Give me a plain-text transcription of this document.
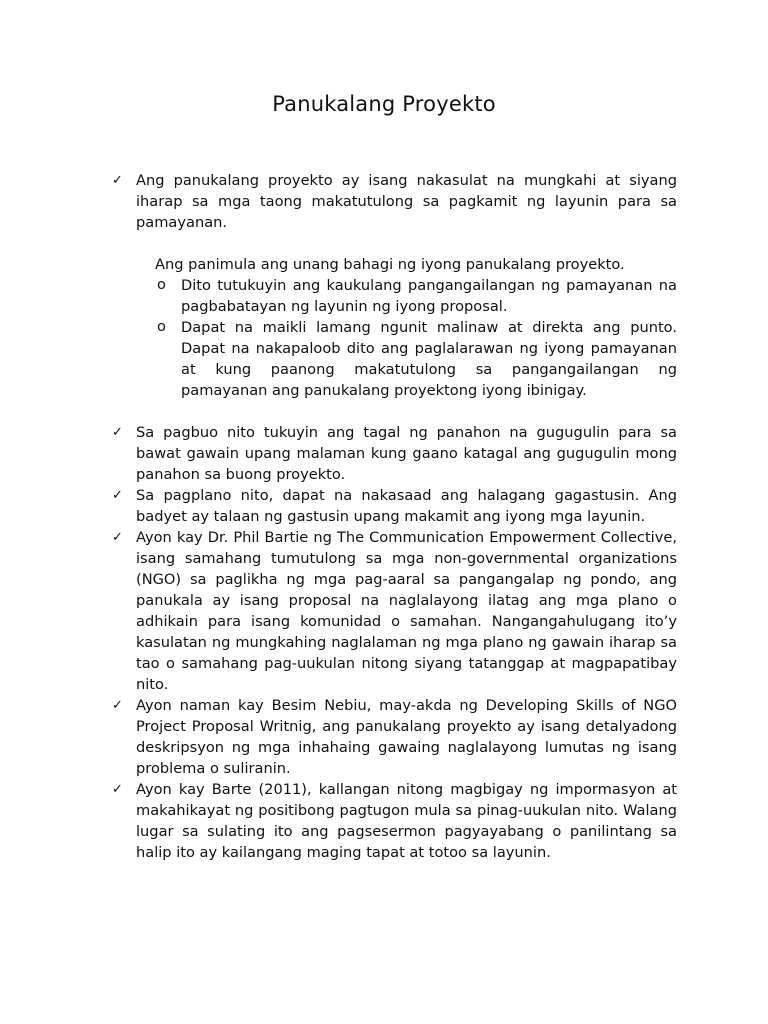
Panukalang Proyekto
✓ Ang panukalang proyekto ay isang nakasulat na mungkahi at siyang iharap sa mga taong makatutulong sa pagkamit ng layunin para sa pamayanan.

Ang panimula ang unang bahagi ng iyong panukalang proyekto.

o Dito tutukuyin ang kaukulang pangangailangan ng pamayanan na pagbabatayan ng layunin ng iyong proposal.
o Dapat na maikli lamang ngunit malinaw at direkta ang punto. Dapat na nakapaloob dito ang paglalarawan ng iyong pamayanan at kung paanong makatutulong sa pangangailangan ng pamayanan ang panukalang proyektong iyong ibinigay.
✓ Sa pagbuo nito tukuyin ang tagal ng panahon na gugugulin para sa bawat gawain upang malaman kung gaano katagal ang gugugulin mong panahon sa buong proyekto.
✓ Sa pagplano nito, dapat na nakasaad ang halagang gagastusin. Ang badyet ay talaan ng gastusin upang makamit ang iyong mga layunin.
✓ Ayon kay Dr. Phil Bartie ng The Communication Empowerment Collective, isang samahang tumutulong sa mga non-governmental organizations (NGO) sa paglikha ng mga pag-aaral sa pangangalap ng pondo, ang panukala ay isang proposal na naglalayong ilatag ang mga plano o adhikain para isang komunidad o samahan. Nangangahulugang ito’y kasulatan ng mungkahing naglalaman ng mga plano ng gawain iharap sa tao o samahang pag-uukulan nitong siyang tatanggap at magpapatibay nito.
✓ Ayon naman kay Besim Nebiu, may-akda ng Developing Skills of NGO Project Proposal Writnig, ang panukalang proyekto ay isang detalyadong deskripsyon ng mga inhahaing gawaing naglalayong lumutas ng isang problema o suliranin.
✓ Ayon kay Barte (2011), kallangan nitong magbigay ng impormasyon at makahikayat ng positibong pagtugon mula sa pinag-uukulan nito. Walang lugar sa sulating ito ang pagsesermon pagyayabang o panilintang sa halip ito ay kailangang maging tapat at totoo sa layunin.
